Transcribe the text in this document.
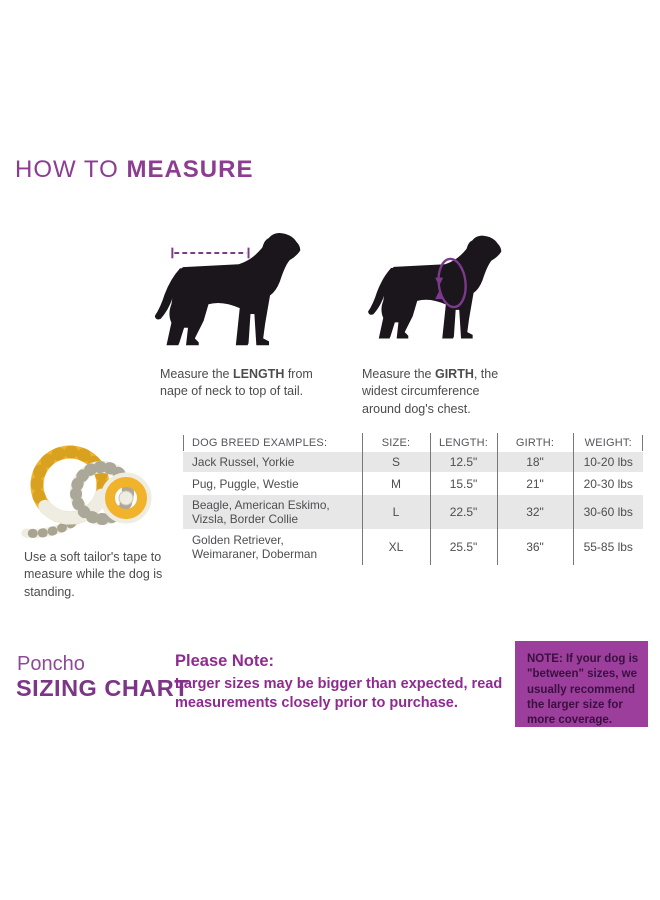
HOW TO MEASURE

Measure the LENGTH from nape of neck to top of tail.

Measure the GIRTH, the widest circumference around dog's chest.

Use a soft tailor's tape to measure while the dog is standing.

DOG BREED EXAMPLES:	SIZE:	LENGTH:	GIRTH:	WEIGHT:
Jack Russel, Yorkie	S	12.5"	18"	10-20 lbs
Pug, Puggle, Westie	M	15.5"	21"	20-30 lbs
Beagle, American Eskimo, Vizsla, Border Collie	L	22.5"	32"	30-60 lbs
Golden Retriever, Weimaraner, Doberman	XL	25.5"	36"	55-85 lbs
Poncho
SIZING CHART
Please Note:
Larger sizes may be bigger than expected, read measurements closely prior to purchase.

NOTE: If your dog is "between" sizes, we usually recommend the larger size for more coverage.
